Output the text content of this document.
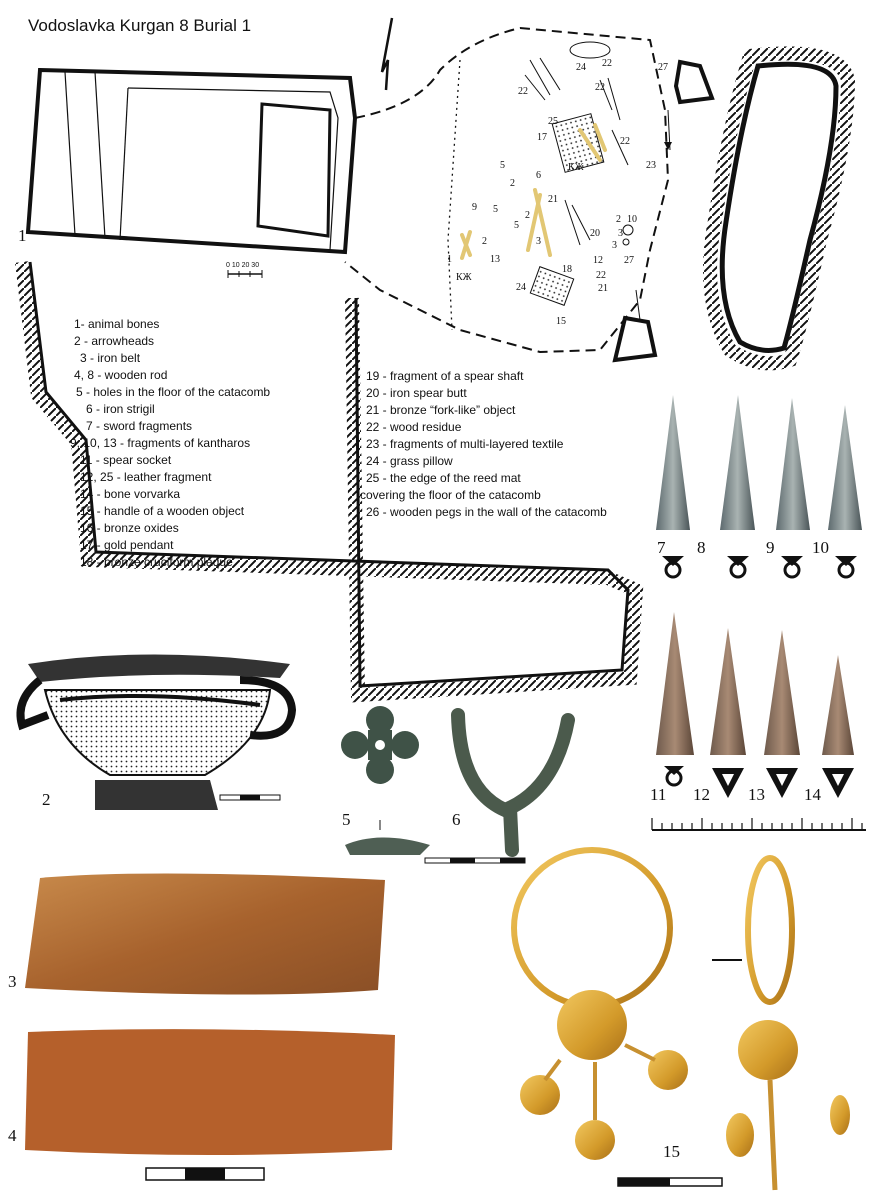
Vodoslavka Kurgan 8 Burial 1
24 22	27
22	22
25
17	22
КЖ	23
5
2
6
21
9 5
2	2 10
3
20
3
5
3
2
1	13
КЖ
18
12 27
22
21
24
15
0 10 20 30
1
2
3
4
5	6
7 8	9 10
11 12 13 14
15
1- animal bones
2 - arrowheads
3 - iron belt
4, 8 - wooden rod
5 - holes in the floor of the catacomb
6 - iron strigil
7 - sword fragments
9, 10, 13 - fragments of kantharos
11 - spear socket
12, 25 - leather fragment
14 - bone vorvarka
15 - handle of a wooden object
16 - bronze oxides
17 - gold pendant
18 - bronze cruciform plaque
19 - fragment of a spear shaft
20 - iron spear butt
21 - bronze “fork-like” object
22 - wood residue
23 - fragments of multi-layered textile
24 - grass pillow
25 - the edge of the reed mat
covering the floor of the catacomb
26 - wooden pegs in the wall of the catacomb
